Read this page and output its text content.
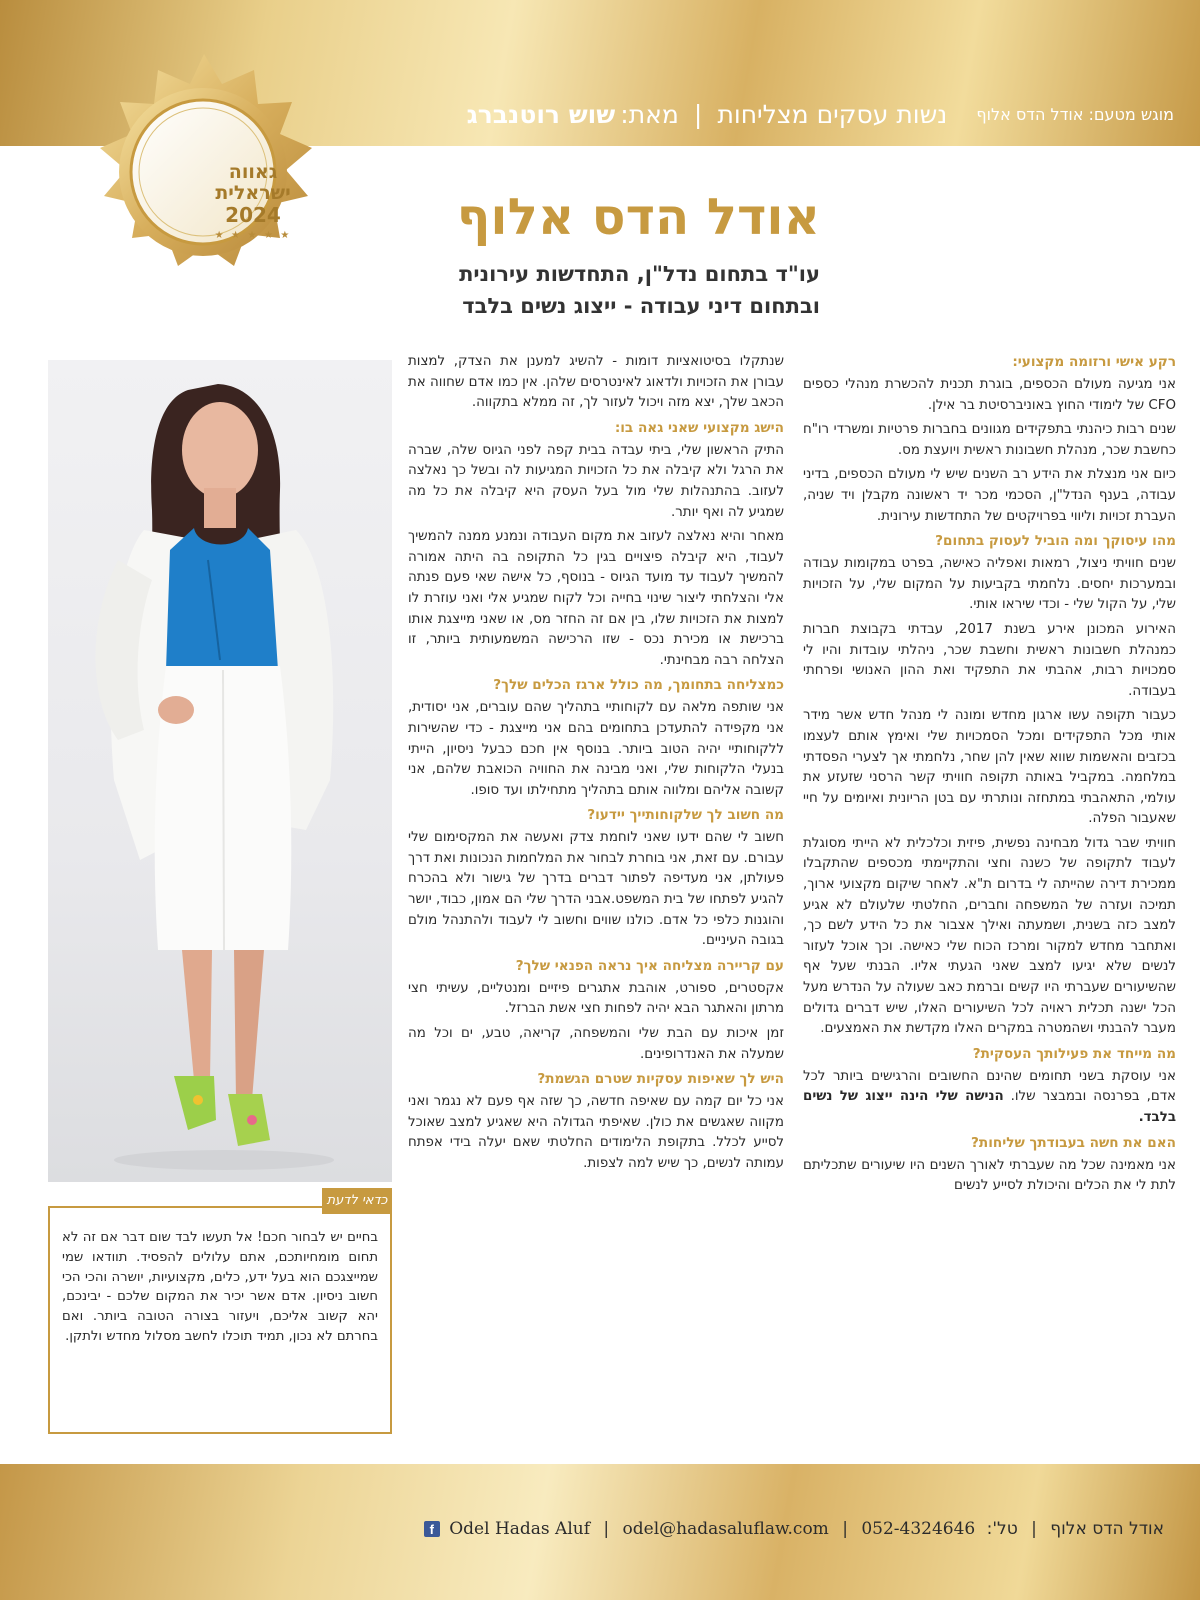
מוגש מטעם: אודל הדס אלוף נשות עסקים מצליחות | מאת: שוש רוטנברג
גאווה
ישראלית
2024
★ ★ ★ ★ ★	אודל הדס אלוף
עו"ד בתחום נדל"ן, התחדשות עירונית
ובתחום דיני עבודה - ייצוג נשים בלבד
רקע אישי ורזומה מקצועי:

אני מגיעה מעולם הכספים, בוגרת תכנית להכשרת מנהלי כספים CFO של לימודי החוץ באוניברסיטת בר אילן.

שנים רבות כיהנתי בתפקידים מגוונים בחברות פרטיות ומשרדי רו"ח כחשבת שכר, מנהלת חשבונות ראשית ויועצת מס.

כיום אני מנצלת את הידע רב השנים שיש לי מעולם הכספים, בדיני עבודה, בענף הנדל"ן, הסכמי מכר יד ראשונה מקבלן ויד שניה, העברת זכויות וליווי בפרויקטים של התחדשות עירונית.

מהו עיסוקך ומה הוביל לעסוק בתחום?

שנים חוויתי ניצול, רמאות ואפליה כאישה, בפרט במקומות עבודה ובמערכות יחסים. נלחמתי בקביעות על המקום שלי, על הזכויות שלי, על הקול שלי - וכדי שיראו אותי.

האירוע המכונן אירע בשנת 2017, עבדתי בקבוצת חברות כמנהלת חשבונות ראשית וחשבת שכר, ניהלתי עובדות והיו לי סמכויות רבות, אהבתי את התפקיד ואת ההון האנושי ופרחתי בעבודה.

כעבור תקופה עשו ארגון מחדש ומונה לי מנהל חדש אשר מידר אותי מכל התפקידים ומכל הסמכויות שלי ואימץ אותם לעצמו בכזבים והאשמות שווא שאין להן שחר, נלחמתי אך לצערי הפסדתי במלחמה. במקביל באותה תקופה חוויתי קשר הרסני שזעזע את עולמי, התאהבתי במתחזה ונותרתי עם בטן הריונית ואיומים על חיי שאעבור הפלה.

חוויתי שבר גדול מבחינה נפשית, פיזית וכלכלית לא הייתי מסוגלת לעבוד לתקופה של כשנה וחצי והתקיימתי מכספים שהתקבלו ממכירת דירה שהייתה לי בדרום ת"א. לאחר שיקום מקצועי ארוך, תמיכה ועזרה של המשפחה וחברים, החלטתי שלעולם לא אגיע למצב כזה בשנית, ושמעתה ואילך אצבור את כל הידע לשם כך, ואתחבר מחדש למקור ומרכז הכוח שלי כאישה. וכך אוכל לעזור לנשים שלא יגיעו למצב שאני הגעתי אליו. הבנתי שעל אף שהשיעורים שעברתי היו קשים וברמת כאב שעולה על הנדרש מעל הכל ישנה תכלית ראויה לכל השיעורים האלו, שיש דברים גדולים מעבר להבנתי ושהמטרה במקרים האלו מקדשת את האמצעים.

מה מייחד את פעילותך העסקית?

אני עוסקת בשני תחומים שהינם החשובים והרגישים ביותר לכל אדם, בפרנסה ובמבצר שלו. הנישה שלי הינה ייצוג של נשים בלבד.

האם את חשה בעבודתך שליחות?

אני מאמינה שכל מה שעברתי לאורך השנים היו שיעורים שתכליתם לתת לי את הכלים והיכולת לסייע לנשים

שנתקלו בסיטואציות דומות - להשיג למענן את הצדק, למצות עבורן את הזכויות ולדאוג לאינטרסים שלהן. אין כמו אדם שחווה את הכאב שלך, יצא מזה ויכול לעזור לך, זה ממלא בתקווה.

הישג מקצועי שאני גאה בו:

התיק הראשון שלי, ביתי עבדה בבית קפה לפני הגיוס שלה, שברה את הרגל ולא קיבלה את כל הזכויות המגיעות לה ובשל כך נאלצה לעזוב. בהתנהלות שלי מול בעל העסק היא קיבלה את כל מה שמגיע לה ואף יותר.

מאחר והיא נאלצה לעזוב את מקום העבודה ונמנע ממנה להמשיך לעבוד, היא קיבלה פיצויים בגין כל התקופה בה היתה אמורה להמשיך לעבוד עד מועד הגיוס - בנוסף, כל אישה שאי פעם פנתה אלי והצלחתי ליצור שינוי בחייה וכל לקוח שמגיע אלי ואני עוזרת לו למצות את הזכויות שלו, בין אם זה החזר מס, או שאני מייצגת אותו ברכישת או מכירת נכס - שזו הרכישה המשמעותית ביותר, זו הצלחה רבה מבחינתי.

כמצליחה בתחומך, מה כולל ארגז הכלים שלך?

אני שותפה מלאה עם לקוחותיי בתהליך שהם עוברים, אני יסודית, אני מקפידה להתעדכן בתחומים בהם אני מייצגת - כדי שהשירות ללקוחותיי יהיה הטוב ביותר. בנוסף אין חכם כבעל ניסיון, הייתי בנעלי הלקוחות שלי, ואני מבינה את החוויה הכואבת שלהם, אני קשובה אליהם ומלווה אותם בתהליך מתחילתו ועד סופו.

מה חשוב לך שלקוחותייך יידעו?

חשוב לי שהם ידעו שאני לוחמת צדק ואעשה את המקסימום שלי עבורם. עם זאת, אני בוחרת לבחור את המלחמות הנכונות ואת דרך פעולתן, אני מעדיפה לפתור דברים בדרך של גישור ולא בהכרח להגיע לפתחו של בית המשפט.אבני הדרך שלי הם אמון, כבוד, יושר והוגנות כלפי כל אדם. כולנו שווים וחשוב לי לעבוד ולהתנהל מולם בגובה העיניים.

עם קריירה מצליחה איך נראה הפנאי שלך?

אקסטרים, ספורט, אוהבת אתגרים פיזיים ומנטליים, עשיתי חצי מרתון והאתגר הבא יהיה לפחות חצי אשת הברזל.

זמן איכות עם הבת שלי והמשפחה, קריאה, טבע, ים וכל מה שמעלה את האנדרופינים.

היש לך שאיפות עסקיות שטרם הגשמת?

אני כל יום קמה עם שאיפה חדשה, כך שזה אף פעם לא נגמר ואני מקווה שאגשים את כולן. שאיפתי הגדולה היא שאגיע למצב שאוכל לסייע לכלל. בתקופת הלימודים החלטתי שאם יעלה בידי אפתח עמותה לנשים, כך שיש למה לצפות.

בחיים יש לבחור חכם! אל תעשו לבד שום דבר אם זה לא תחום מומחיותכם, אתם עלולים להפסיד. תוודאו שמי שמייצגכם הוא בעל ידע, כלים, מקצועיות, יושרה והכי הכי חשוב ניסיון. אדם אשר יכיר את המקום שלכם - יבינכם, יהא קשוב אליכם, ויעזור בצורה הטובה ביותר. ואם בחרתם לא נכון, תמיד תוכלו לחשב מסלול מחדש ולתקן.
כדאי לדעת
f Odel Hadas Aluf | odel@hadasaluflaw.com | 052-4324646 טל': | אודל הדס אלוף
